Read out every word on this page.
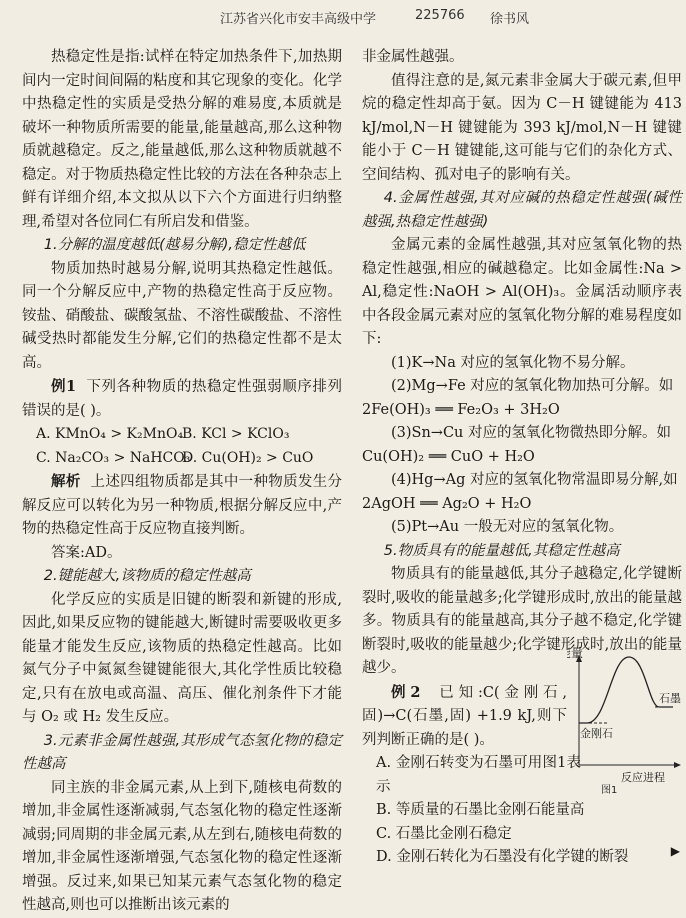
江苏省兴化市安丰高级中学	225766 徐书风

热稳定性是指:试样在特定加热条件下,加热期间内一定时间间隔的粘度和其它现象的变化。化学中热稳定性的实质是受热分解的难易度,本质就是破坏一种物质所需要的能量,能量越高,那么这种物质就越稳定。反之,能量越低,那么这种物质就越不稳定。对于物质热稳定性比较的方法在各种杂志上鲜有详细介绍,本文拟从以下六个方面进行归纳整理,希望对各位同仁有所启发和借鉴。

1.分解的温度越低(越易分解),稳定性越低

物质加热时越易分解,说明其热稳定性越低。同一个分解反应中,产物的热稳定性高于反应物。铵盐、硝酸盐、碳酸氢盐、不溶性碳酸盐、不溶性碱受热时都能发生分解,它们的热稳定性都不是太高。

例1 下列各种物质的热稳定性强弱顺序排列错误的是( )。

A. KMnO₄ > K₂MnO₄
B. KCl > KClO₃
C. Na₂CO₃ > NaHCO₃
D. Cu(OH)₂ > CuO

解析 上述四组物质都是其中一种物质发生分解反应可以转化为另一种物质,根据分解反应中,产物的热稳定性高于反应物直接判断。

答案:AD。

2.键能越大,该物质的稳定性越高

化学反应的实质是旧键的断裂和新键的形成,因此,如果反应物的键能越大,断键时需要吸收更多能量才能发生反应,该物质的热稳定性越高。比如氮气分子中氮氮叁键键能很大,其化学性质比较稳定,只有在放电或高温、高压、催化剂条件下才能与 O₂ 或 H₂ 发生反应。

3.元素非金属性越强,其形成气态氢化物的稳定性越高

同主族的非金属元素,从上到下,随核电荷数的增加,非金属性逐渐减弱,气态氢化物的稳定性逐渐减弱;同周期的非金属元素,从左到右,随核电荷数的增加,非金属性逐渐增强,气态氢化物的稳定性逐渐增强。反过来,如果已知某元素气态氢化物的稳定性越高,则也可以推断出该元素的

非金属性越强。

值得注意的是,氮元素非金属大于碳元素,但甲烷的稳定性却高于氨。因为 C－H 键键能为 413 kJ/mol,N－H 键键能为 393 kJ/mol,N－H 键键能小于 C－H 键键能,这可能与它们的杂化方式、空间结构、孤对电子的影响有关。

4.金属性越强,其对应碱的热稳定性越强(碱性越强,热稳定性越强)

金属元素的金属性越强,其对应氢氧化物的热稳定性越强,相应的碱越稳定。比如金属性:Na > Al,稳定性:NaOH > Al(OH)₃。金属活动顺序表中各段金属元素对应的氢氧化物分解的难易程度如下:

(1)K→Na 对应的氢氧化物不易分解。

(2)Mg→Fe 对应的氢氧化物加热可分解。如

2Fe(OH)₃ ══ Fe₂O₃ + 3H₂O

(3)Sn→Cu 对应的氢氧化物微热即分解。如

Cu(OH)₂ ══ CuO + H₂O

(4)Hg→Ag 对应的氢氧化物常温即易分解,如

2AgOH ══ Ag₂O + H₂O

(5)Pt→Au 一般无对应的氢氧化物。

5.物质具有的能量越低,其稳定性越高

物质具有的能量越低,其分子越稳定,化学键断裂时,吸收的能量越多;化学键形成时,放出的能量越多。物质具有的能量越高,其分子越不稳定,化学键断裂时,吸收的能量越少;化学键形成时,放出的能量越少。

例2 已知:C(金刚石,固)→C(石墨,固) +1.9 kJ,则下列判断正确的是( )。

A. 金刚石转变为石墨可用图1表示

B. 等质量的石墨比金刚石能量高

C. 石墨比金刚石稳定

D. 金刚石转化为石墨没有化学键的断裂

量
石墨
金刚石
反应进程
图1
▶
